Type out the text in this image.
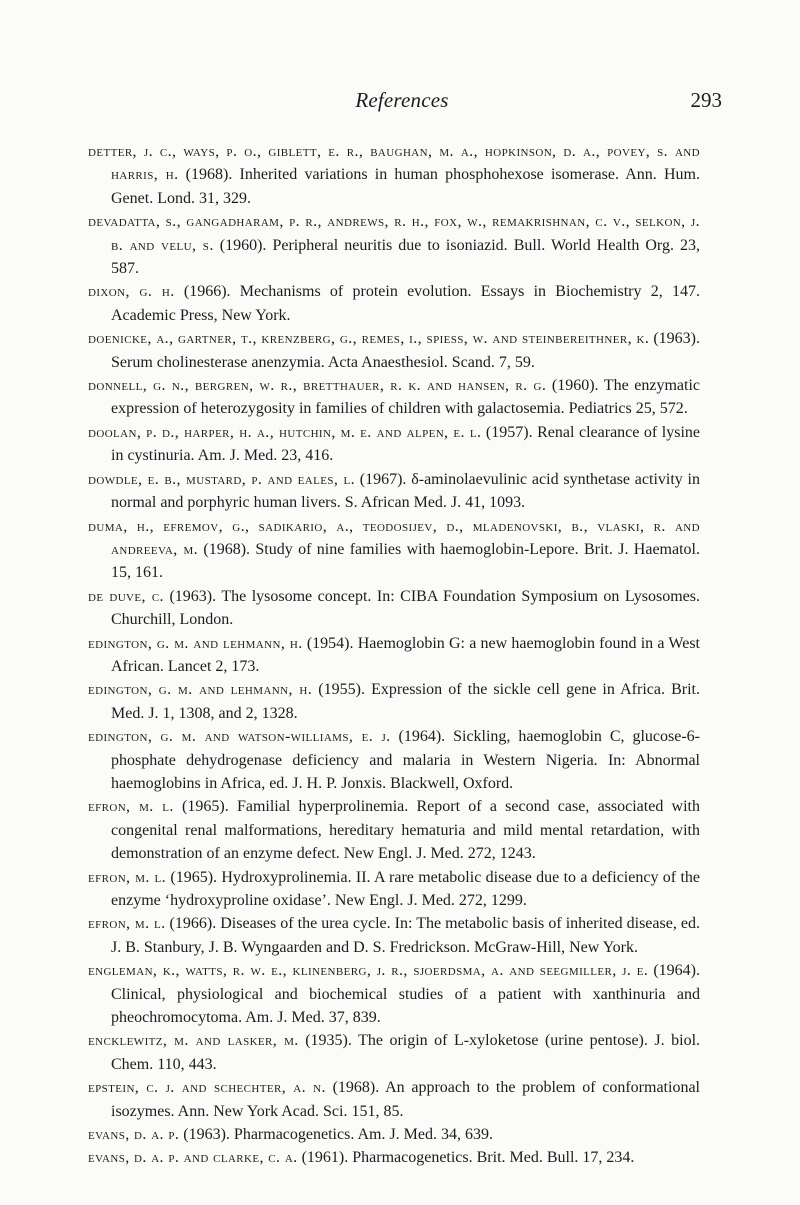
References	293

detter, j. c., ways, p. o., giblett, e. r., baughan, m. a., hopkinson, d. a., povey, s. and harris, h. (1968). Inherited variations in human phosphohexose isomerase. Ann. Hum. Genet. Lond. 31, 329.

devadatta, s., gangadharam, p. r., andrews, r. h., fox, w., remakrishnan, c. v., selkon, j. b. and velu, s. (1960). Peripheral neuritis due to isoniazid. Bull. World Health Org. 23, 587.

dixon, g. h. (1966). Mechanisms of protein evolution. Essays in Biochemistry 2, 147. Academic Press, New York.

doenicke, a., gartner, t., krenzberg, g., remes, i., spiess, w. and steinbereithner, k. (1963). Serum cholinesterase anenzymia. Acta Anaesthesiol. Scand. 7, 59.

donnell, g. n., bergren, w. r., bretthauer, r. k. and hansen, r. g. (1960). The enzymatic expression of heterozygosity in families of children with galactosemia. Pediatrics 25, 572.

doolan, p. d., harper, h. a., hutchin, m. e. and alpen, e. l. (1957). Renal clearance of lysine in cystinuria. Am. J. Med. 23, 416.

dowdle, e. b., mustard, p. and eales, l. (1967). δ-aminolaevulinic acid synthetase activity in normal and porphyric human livers. S. African Med. J. 41, 1093.

duma, h., efremov, g., sadikario, a., teodosijev, d., mladenovski, b., vlaski, r. and andreeva, m. (1968). Study of nine families with haemoglobin-Lepore. Brit. J. Haematol. 15, 161.

de duve, c. (1963). The lysosome concept. In: CIBA Foundation Symposium on Lysosomes. Churchill, London.

edington, g. m. and lehmann, h. (1954). Haemoglobin G: a new haemoglobin found in a West African. Lancet 2, 173.

edington, g. m. and lehmann, h. (1955). Expression of the sickle cell gene in Africa. Brit. Med. J. 1, 1308, and 2, 1328.

edington, g. m. and watson-williams, e. j. (1964). Sickling, haemoglobin C, glucose-6-phosphate dehydrogenase deficiency and malaria in Western Nigeria. In: Abnormal haemoglobins in Africa, ed. J. H. P. Jonxis. Blackwell, Oxford.

efron, m. l. (1965). Familial hyperprolinemia. Report of a second case, associated with congenital renal malformations, hereditary hematuria and mild mental retardation, with demonstration of an enzyme defect. New Engl. J. Med. 272, 1243.

efron, m. l. (1965). Hydroxyprolinemia. II. A rare metabolic disease due to a deficiency of the enzyme ‘hydroxyproline oxidase’. New Engl. J. Med. 272, 1299.

efron, m. l. (1966). Diseases of the urea cycle. In: The metabolic basis of inherited disease, ed. J. B. Stanbury, J. B. Wyngaarden and D. S. Fredrickson. McGraw-Hill, New York.

engleman, k., watts, r. w. e., klinenberg, j. r., sjoerdsma, a. and seegmiller, j. e. (1964). Clinical, physiological and biochemical studies of a patient with xanthinuria and pheochromocytoma. Am. J. Med. 37, 839.

encklewitz, m. and lasker, m. (1935). The origin of L-xyloketose (urine pentose). J. biol. Chem. 110, 443.

epstein, c. j. and schechter, a. n. (1968). An approach to the problem of conformational isozymes. Ann. New York Acad. Sci. 151, 85.

evans, d. a. p. (1963). Pharmacogenetics. Am. J. Med. 34, 639.

evans, d. a. p. and clarke, c. a. (1961). Pharmacogenetics. Brit. Med. Bull. 17, 234.
